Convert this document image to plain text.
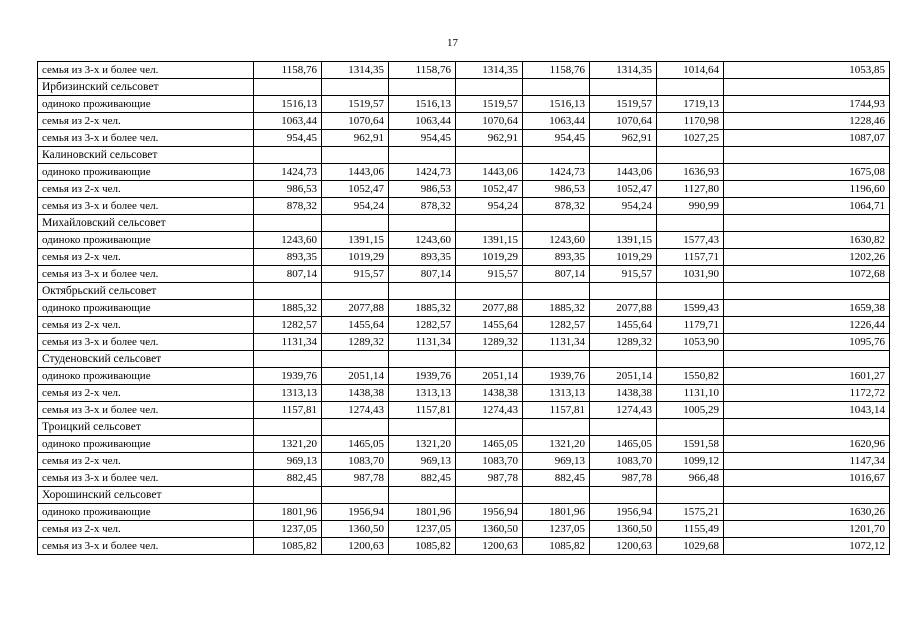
17
семья из 3-х и более чел.	1158,76	1314,35	1158,76	1314,35	1158,76	1314,35	1014,64	1053,85
Ирбизинский сельсовет								
одиноко проживающие	1516,13	1519,57	1516,13	1519,57	1516,13	1519,57	1719,13	1744,93
семья из 2-х чел.	1063,44	1070,64	1063,44	1070,64	1063,44	1070,64	1170,98	1228,46
семья из 3-х и более чел.	954,45	962,91	954,45	962,91	954,45	962,91	1027,25	1087,07
Калиновский сельсовет								
одиноко проживающие	1424,73	1443,06	1424,73	1443,06	1424,73	1443,06	1636,93	1675,08
семья из 2-х чел.	986,53	1052,47	986,53	1052,47	986,53	1052,47	1127,80	1196,60
семья из 3-х и более чел.	878,32	954,24	878,32	954,24	878,32	954,24	990,99	1064,71
Михайловский сельсовет								
одиноко проживающие	1243,60	1391,15	1243,60	1391,15	1243,60	1391,15	1577,43	1630,82
семья из 2-х чел.	893,35	1019,29	893,35	1019,29	893,35	1019,29	1157,71	1202,26
семья из 3-х и более чел.	807,14	915,57	807,14	915,57	807,14	915,57	1031,90	1072,68
Октябрьский сельсовет								
одиноко проживающие	1885,32	2077,88	1885,32	2077,88	1885,32	2077,88	1599,43	1659,38
семья из 2-х чел.	1282,57	1455,64	1282,57	1455,64	1282,57	1455,64	1179,71	1226,44
семья из 3-х и более чел.	1131,34	1289,32	1131,34	1289,32	1131,34	1289,32	1053,90	1095,76
Студеновский сельсовет								
одиноко проживающие	1939,76	2051,14	1939,76	2051,14	1939,76	2051,14	1550,82	1601,27
семья из 2-х чел.	1313,13	1438,38	1313,13	1438,38	1313,13	1438,38	1131,10	1172,72
семья из 3-х и более чел.	1157,81	1274,43	1157,81	1274,43	1157,81	1274,43	1005,29	1043,14
Троицкий сельсовет								
одиноко проживающие	1321,20	1465,05	1321,20	1465,05	1321,20	1465,05	1591,58	1620,96
семья из 2-х чел.	969,13	1083,70	969,13	1083,70	969,13	1083,70	1099,12	1147,34
семья из 3-х и более чел.	882,45	987,78	882,45	987,78	882,45	987,78	966,48	1016,67
Хорошинский сельсовет								
одиноко проживающие	1801,96	1956,94	1801,96	1956,94	1801,96	1956,94	1575,21	1630,26
семья из 2-х чел.	1237,05	1360,50	1237,05	1360,50	1237,05	1360,50	1155,49	1201,70
семья из 3-х и более чел.	1085,82	1200,63	1085,82	1200,63	1085,82	1200,63	1029,68	1072,12
